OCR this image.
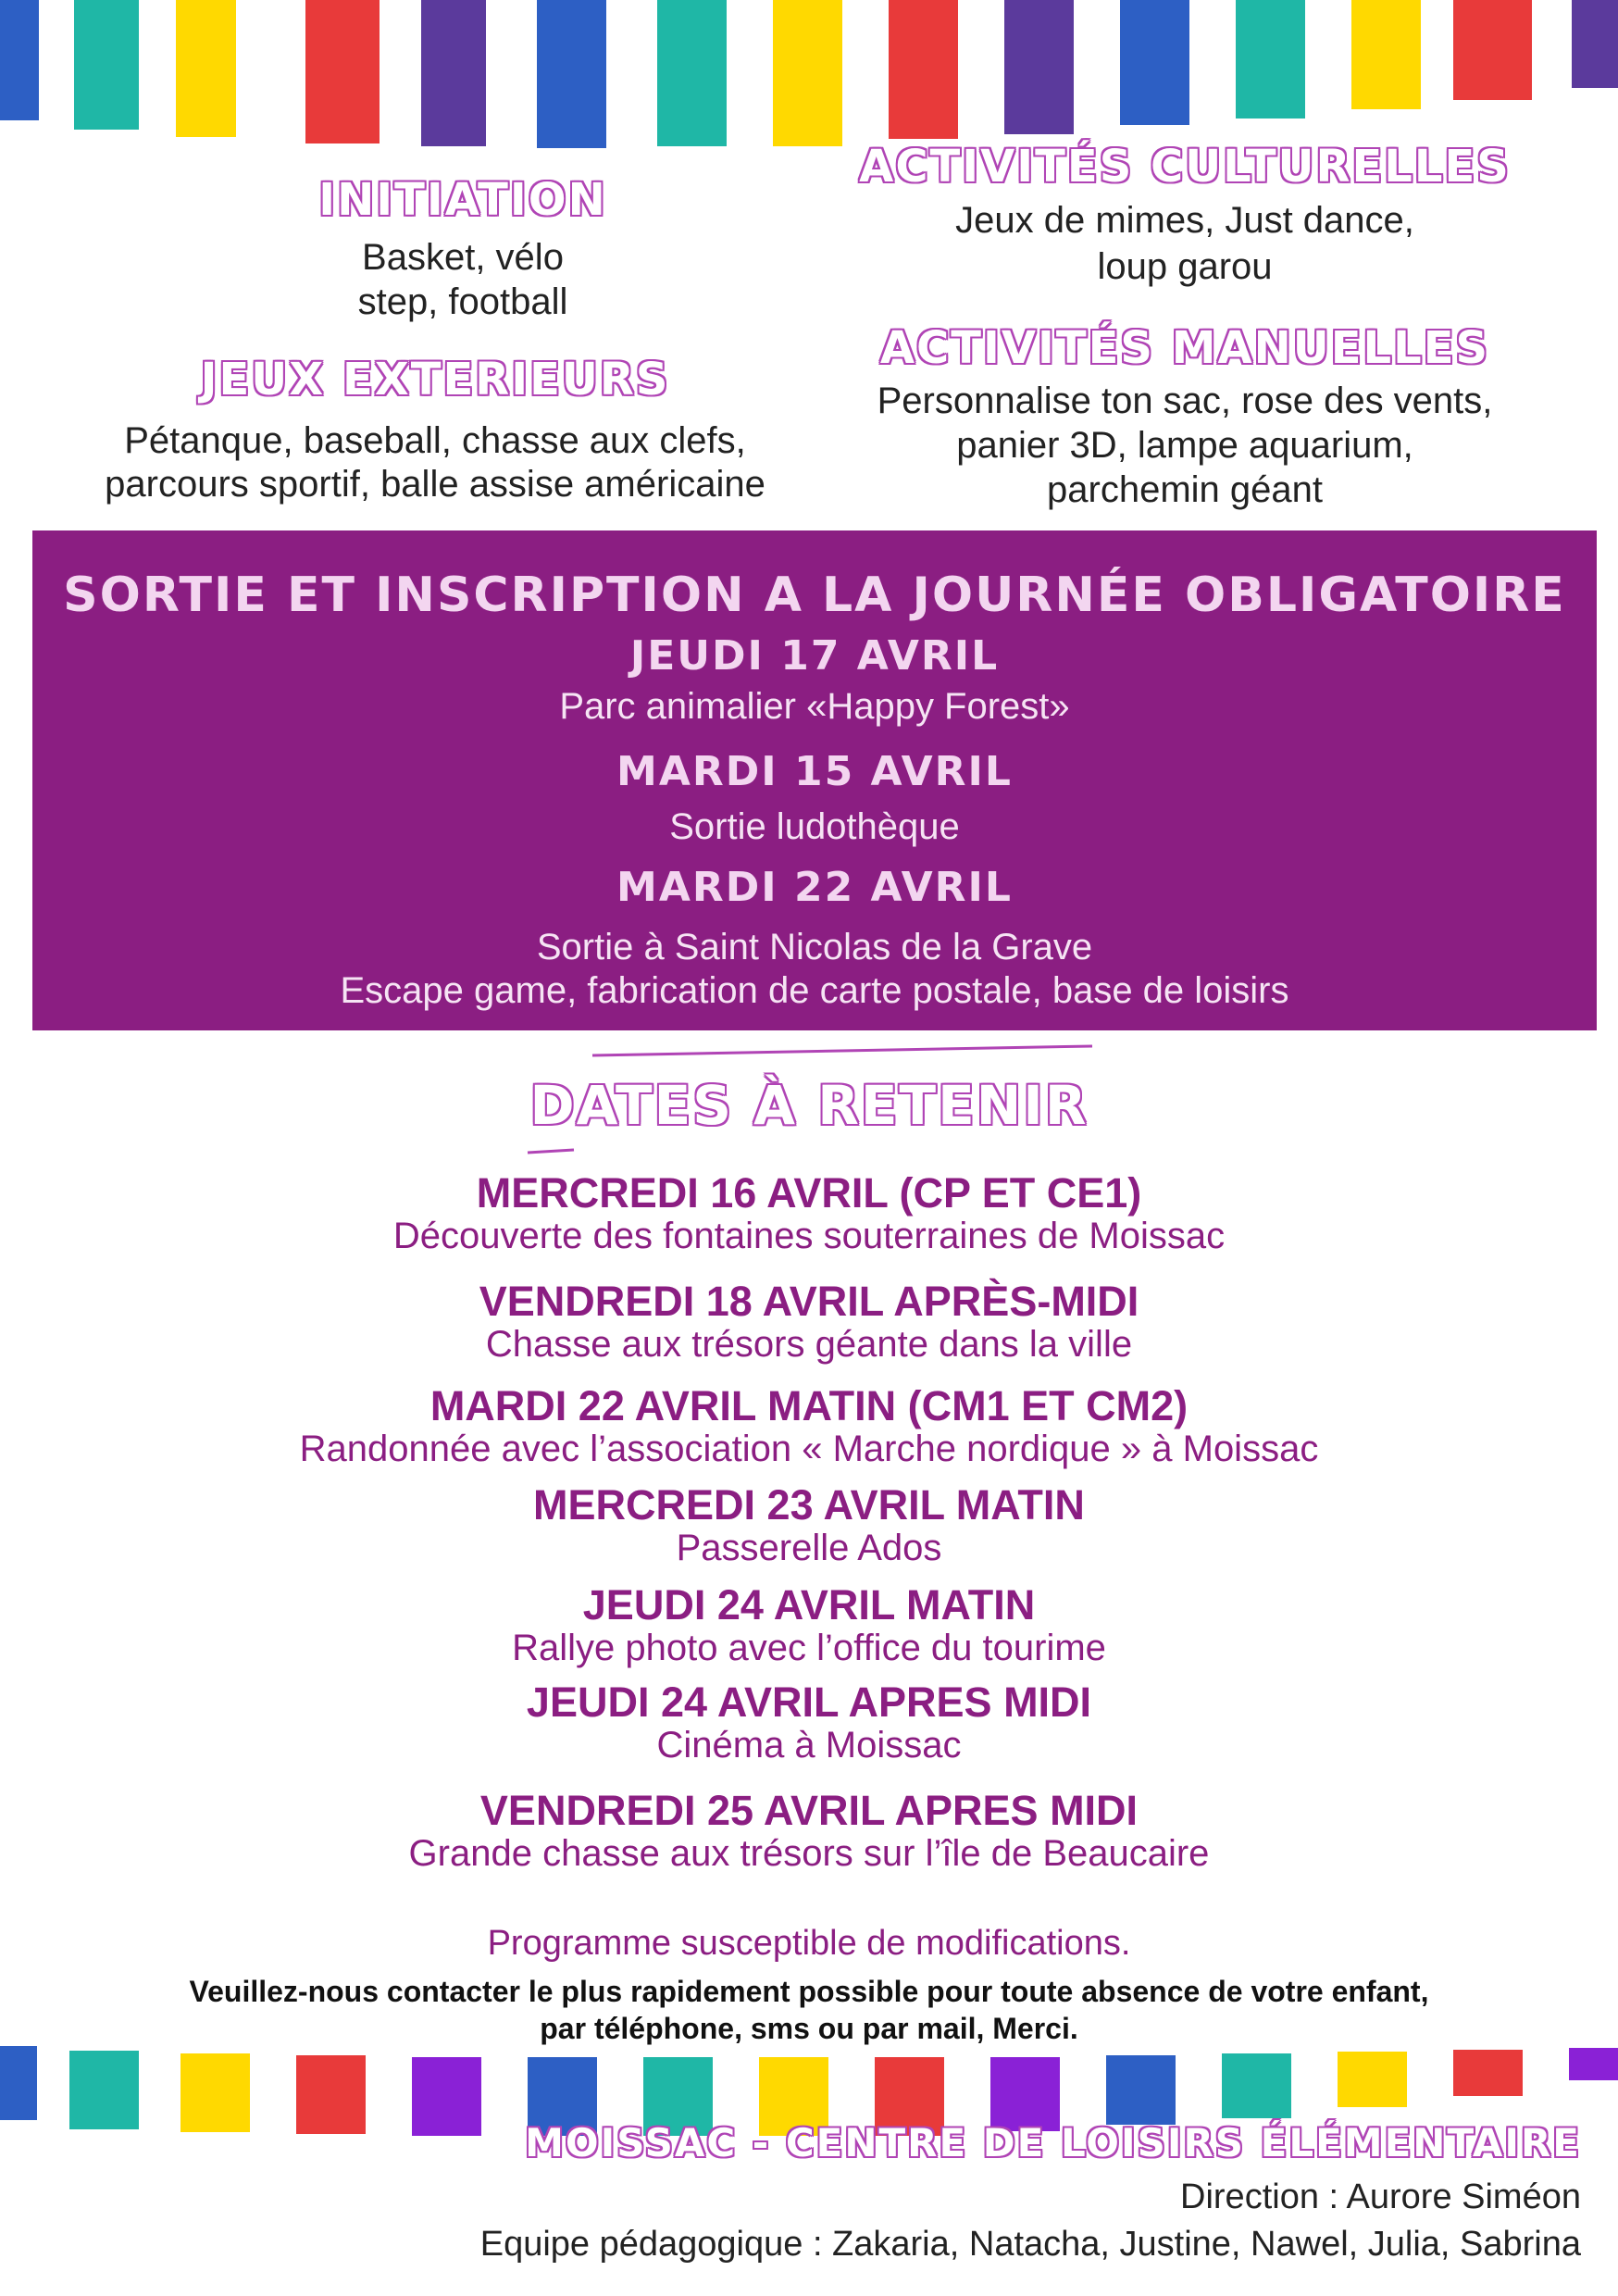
INITIATION
Basket, vélo
step, football
JEUX EXTERIEURS
Pétanque, baseball, chasse aux clefs,
parcours sportif, balle assise américaine
ACTIVITÉS CULTURELLES
Jeux de mimes, Just dance,
loup garou
ACTIVITÉS MANUELLES
Personnalise ton sac, rose des vents,
panier 3D, lampe aquarium,
parchemin géant
SORTIE ET INSCRIPTION A LA JOURNÉE OBLIGATOIRE
JEUDI 17 AVRIL
Parc animalier «Happy Forest»
MARDI 15 AVRIL
Sortie ludothèque
MARDI 22 AVRIL
Sortie à Saint Nicolas de la Grave
Escape game, fabrication de carte postale, base de loisirs
DATES À RETENIR
MERCREDI 16 AVRIL (CP ET CE1)
Découverte des fontaines souterraines de Moissac
VENDREDI 18 AVRIL APRÈS-MIDI
Chasse aux trésors géante dans la ville
MARDI 22 AVRIL MATIN (CM1 ET CM2)
Randonnée avec l’association « Marche nordique » à Moissac
MERCREDI 23 AVRIL MATIN
Passerelle Ados
JEUDI 24 AVRIL MATIN
Rallye photo avec l’office du tourime
JEUDI 24 AVRIL APRES MIDI
Cinéma à Moissac
VENDREDI 25 AVRIL APRES MIDI
Grande chasse aux trésors sur l’île de Beaucaire
Programme susceptible de modifications.
Veuillez-nous contacter le plus rapidement possible pour toute absence de votre enfant,
par téléphone, sms ou par mail, Merci.
MOISSAC - CENTRE DE LOISIRS ÉLÉMENTAIRE
Direction : Aurore Siméon
Equipe pédagogique : Zakaria, Natacha, Justine, Nawel, Julia, Sabrina
